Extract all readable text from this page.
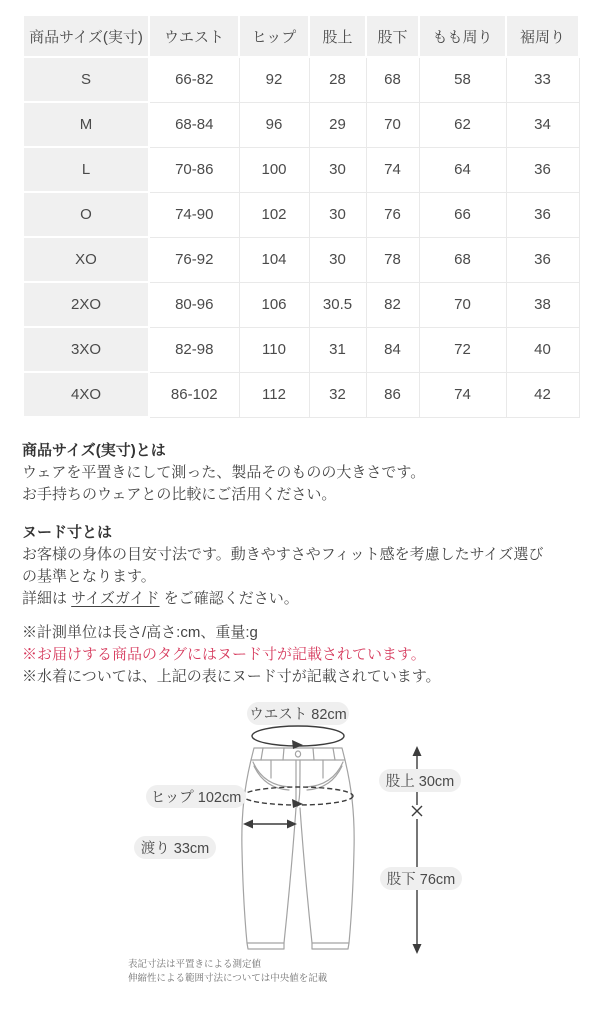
商品サイズ(実寸)	ウエスト	ヒップ	股上	股下	もも周り	裾周り
S	66-82	92	28	68	58	33
M	68-84	96	29	70	62	34
L	70-86	100	30	74	64	36
O	74-90	102	30	76	66	36
XO	76-92	104	30	78	68	36
2XO	80-96	106	30.5	82	70	38
3XO	82-98	110	31	84	72	40
4XO	86-102	112	32	86	74	42
商品サイズ(実寸)とは
ウェアを平置きにして測った、製品そのものの大きさです。
お手持ちのウェアとの比較にご活用ください。
ヌード寸とは
お客様の身体の目安寸法です。動きやすさやフィット感を考慮したサイズ選び
の基準となります。
詳細は サイズガイド をご確認ください。
※計測単位は長さ/高さ:cm、重量:g
※お届けする商品のタグにはヌード寸が記載されています。
※水着については、上記の表にヌード寸が記載されています。
ウエスト 82cm
ヒップ 102cm
渡り 33cm
股上 30cm
股下 76cm
表記寸法は平置きによる測定値
伸縮性による範囲寸法については中央値を記載
